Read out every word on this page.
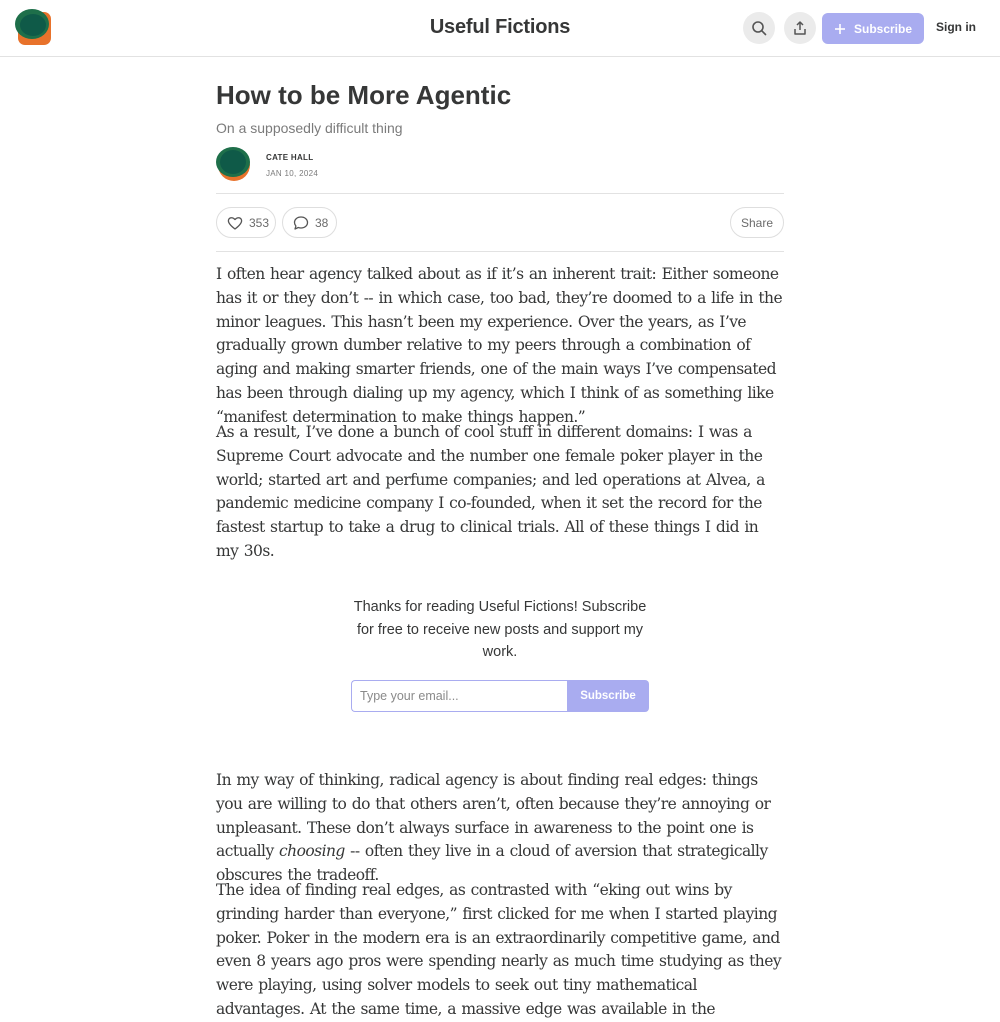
Useful Fictions	Subscribe	Sign in
How to be More Agentic
On a supposedly difficult thing
CATE HALL
JAN 10, 2024
353	38	Share

I often hear agency talked about as if it’s an inherent trait: Either someone has it or they don’t -- in which case, too bad, they’re doomed to a life in the minor leagues. This hasn’t been my experience. Over the years, as I’ve gradually grown dumber relative to my peers through a combination of aging and making smarter friends, one of the main ways I’ve compensated has been through dialing up my agency, which I think of as something like “manifest determination to make things happen.”

As a result, I’ve done a bunch of cool stuff in different domains: I was a Supreme Court advocate and the number one female poker player in the world; started art and perfume companies; and led operations at Alvea, a pandemic medicine company I co-founded, when it set the record for the fastest startup to take a drug to clinical trials. All of these things I did in my 30s.

In my way of thinking, radical agency is about finding real edges: things you are willing to do that others aren’t, often because they’re annoying or unpleasant. These don’t always surface in awareness to the point one is actually choosing -- often they live in a cloud of aversion that strategically obscures the tradeoff.

The idea of finding real edges, as contrasted with “eking out wins by grinding harder than everyone,” first clicked for me when I started playing poker. Poker in the modern era is an extraordinarily competitive game, and even 8 years ago pros were spending nearly as much time studying as they were playing, using solver models to seek out tiny mathematical advantages. At the same time, a massive edge was available in the

Thanks for reading Useful Fictions! Subscribe for free to receive new posts and support my work.
Type your email...
Subscribe
